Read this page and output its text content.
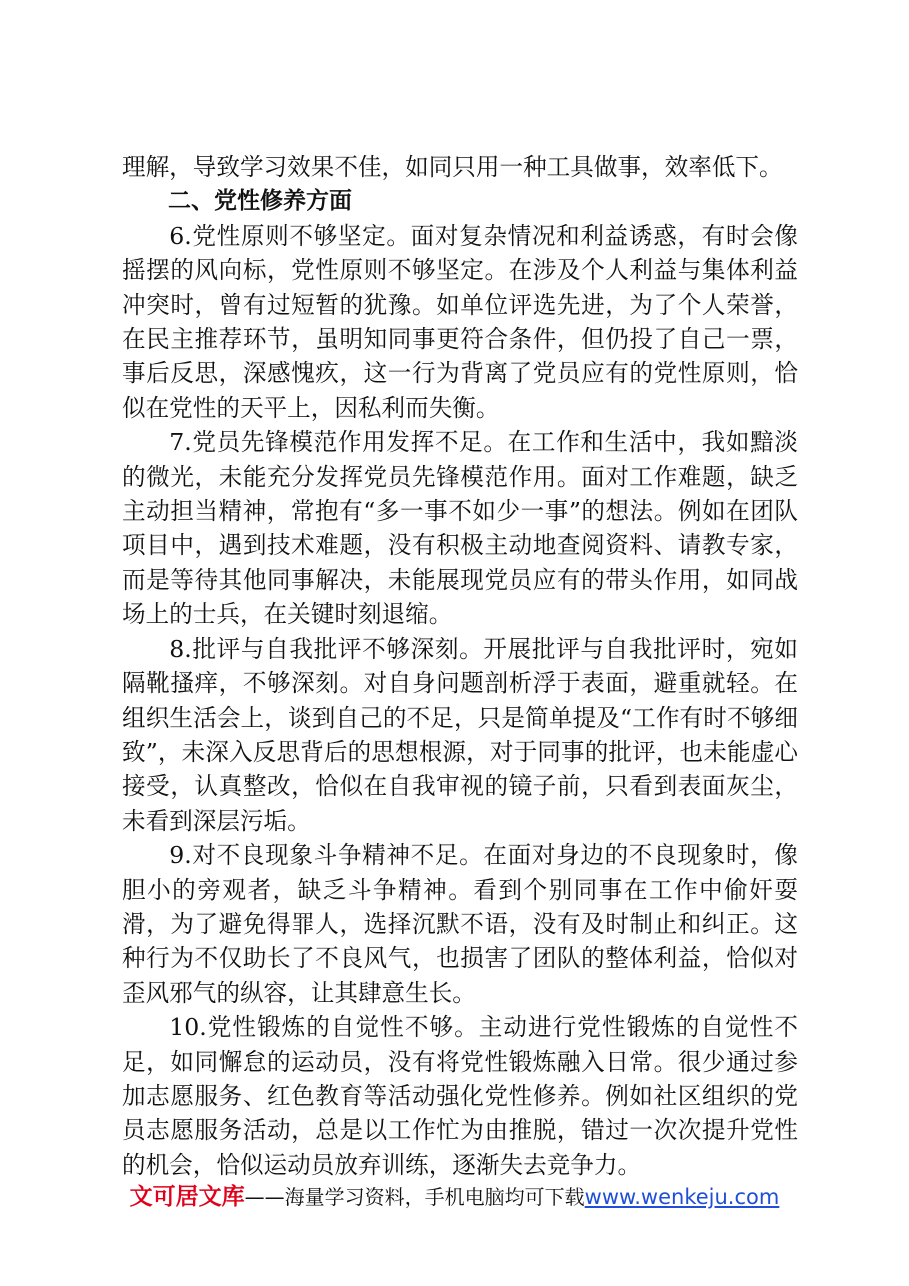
理解，导致学习效果不佳，如同只用一种工具做事，效率低下。

二、党性修养方面

6.党性原则不够坚定。面对复杂情况和利益诱惑，有时会像摇摆的风向标，党性原则不够坚定。在涉及个人利益与集体利益冲突时，曾有过短暂的犹豫。如单位评选先进，为了个人荣誉，在民主推荐环节，虽明知同事更符合条件，但仍投了自己一票，事后反思，深感愧疚，这一行为背离了党员应有的党性原则，恰似在党性的天平上，因私利而失衡。

7.党员先锋模范作用发挥不足。在工作和生活中，我如黯淡的微光，未能充分发挥党员先锋模范作用。面对工作难题，缺乏主动担当精神，常抱有“多一事不如少一事”的想法。例如在团队项目中，遇到技术难题，没有积极主动地查阅资料、请教专家，而是等待其他同事解决，未能展现党员应有的带头作用，如同战场上的士兵，在关键时刻退缩。

8.批评与自我批评不够深刻。开展批评与自我批评时，宛如隔靴搔痒，不够深刻。对自身问题剖析浮于表面，避重就轻。在组织生活会上，谈到自己的不足，只是简单提及“工作有时不够细致”，未深入反思背后的思想根源，对于同事的批评，也未能虚心接受，认真整改，恰似在自我审视的镜子前，只看到表面灰尘，未看到深层污垢。

9.对不良现象斗争精神不足。在面对身边的不良现象时，像胆小的旁观者，缺乏斗争精神。看到个别同事在工作中偷奸耍滑，为了避免得罪人，选择沉默不语，没有及时制止和纠正。这种行为不仅助长了不良风气，也损害了团队的整体利益，恰似对歪风邪气的纵容，让其肆意生长。

10.党性锻炼的自觉性不够。主动进行党性锻炼的自觉性不足，如同懈怠的运动员，没有将党性锻炼融入日常。很少通过参加志愿服务、红色教育等活动强化党性修养。例如社区组织的党员志愿服务活动，总是以工作忙为由推脱，错过一次次提升党性的机会，恰似运动员放弃训练，逐渐失去竞争力。

文可居文库——海量学习资料，手机电脑均可下载www.wenkeju.com
